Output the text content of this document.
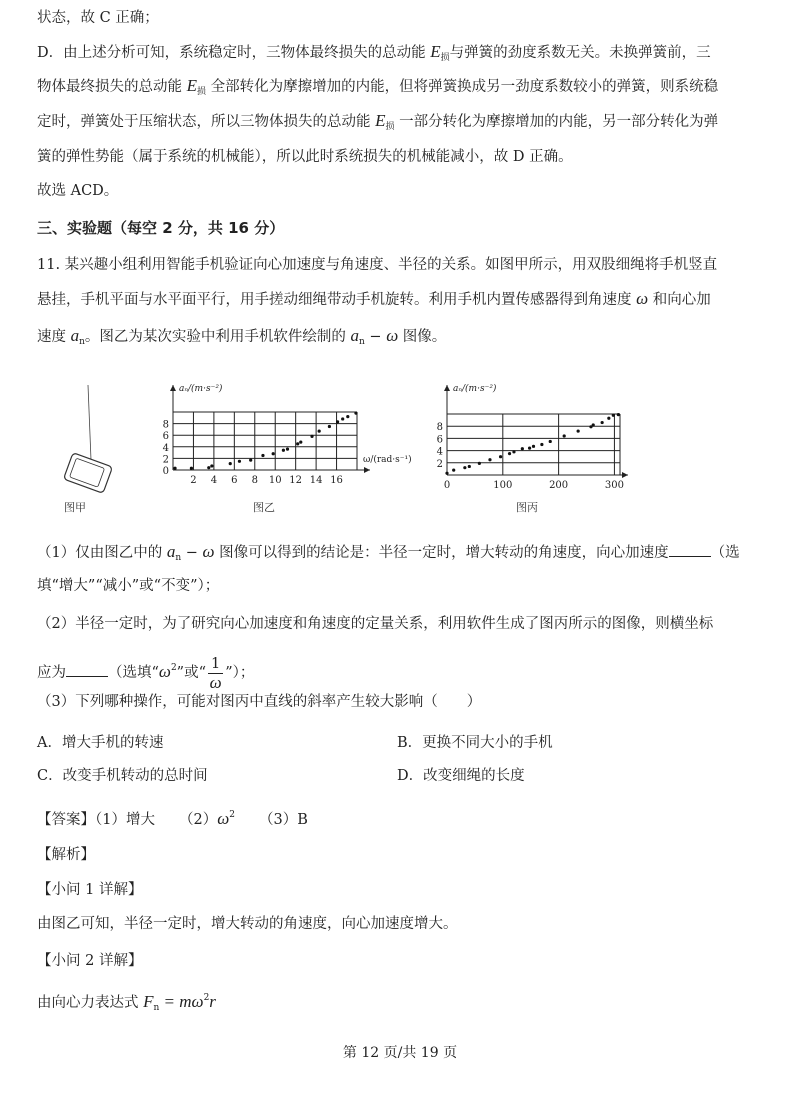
状态，故 C 正确；
D．由上述分析可知，系统稳定时，三物体最终损失的总动能 $E_损$与弹簧的劲度系数无关。未换弹簧前，三
物体最终损失的总动能 $E_损$ 全部转化为摩擦增加的内能，但将弹簧换成另一劲度系数较小的弹簧，则系统稳
定时，弹簧处于压缩状态，所以三物体损失的总动能 $E_损$ 一部分转化为摩擦增加的内能，另一部分转化为弹
簧的弹性势能（属于系统的机械能），所以此时系统损失的机械能减小，故 D 正确。
故选 ACD。
三、实验题（每空 2 分，共 16 分）
11. 某兴趣小组利用智能手机验证向心加速度与角速度、半径的关系。如图甲所示，用双股细绳将手机竖直
悬挂，手机平面与水平面平行，用手搓动细绳带动手机旋转。利用手机内置传感器得到角速度 ω 和向心加
速度 $a_n$。图乙为某次实验中利用手机软件绘制的 $a_n - \omega$ 图像。
图甲
2 4 6 8 10 12 14 16
0
2
4
6
8
aₙ/(m·s⁻²)
ω/(rad·s⁻¹)
0	100	200	300
2
4
6
8
aₙ/(m·s⁻²)
图乙	图丙
（1）仅由图乙中的 $a_n - \omega$ 图像可以得到的结论是：半径一定时，增大转动的角速度，向心加速度	（选
填“增大”“减小”或“不变”）；
（2）半径一定时，为了研究向心加速度和角速度的定量关系，利用软件生成了图丙所示的图像，则横坐标
应为	（选填“$\omega^2$”或“ $\frac{1}{\omega}$ ”）；
（3）下列哪种操作，可能对图丙中直线的斜率产生较大影响（　　）
A．增大手机的转速	B．更换不同大小的手机
C．改变手机转动的总时间	D．改变细绳的长度
【答案】（1）增大 $(2)\omega^2$ （3）B
【解析】
【小问 1 详解】
由图乙可知，半径一定时，增大转动的角速度，向心加速度增大。
【小问 2 详解】
由向心力表达式 $F_n = m\omega^2r$
第 12 页/共 19 页
